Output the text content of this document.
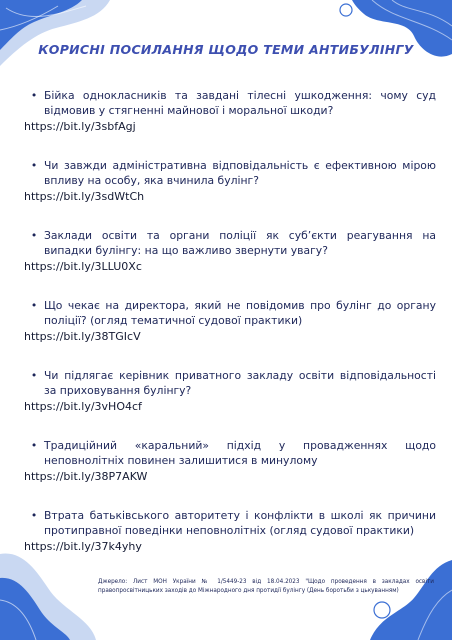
КОРИСНІ ПОСИЛАННЯ ЩОДО ТЕМИ АНТИБУЛІНГУ
• Бійка однокласників та завдані тілесні ушкодження: чому суд відмовив у стягненні майнової і моральної шкоди?
https://bit.ly/3sbfAgj
• Чи завжди адміністративна відповідальність є ефективною мірою впливу на особу, яка вчинила булінг?
https://bit.ly/3sdWtCh
• Заклади освіти та органи поліції як суб’єкти реагування на випадки булінгу: на що важливо звернути увагу?
https://bit.ly/3LLU0Xc
• Що чекає на директора, який не повідомив про булінг до органу поліції? (огляд тематичної судової практики)
https://bit.ly/38TGIcV
• Чи підлягає керівник приватного закладу освіти відповідальності за приховування булінгу?
https://bit.ly/3vHO4cf
• Традиційний «каральний» підхід у провадженнях щодо неповнолітніх повинен залишитися в минулому
https://bit.ly/38P7AKW
• Втрата батьківського авторитету і конфлікти в школі як причини протиправної поведінки неповнолітніх (огляд судової практики)
https://bit.ly/37k4yhy
Джерело: Лист МОН України № 1/5449-23 від 18.04.2023 "Щодо проведення в закладах освіти правопросвітницьких заходів до Міжнародного дня протидії булінгу (День боротьби з цькуванням)
